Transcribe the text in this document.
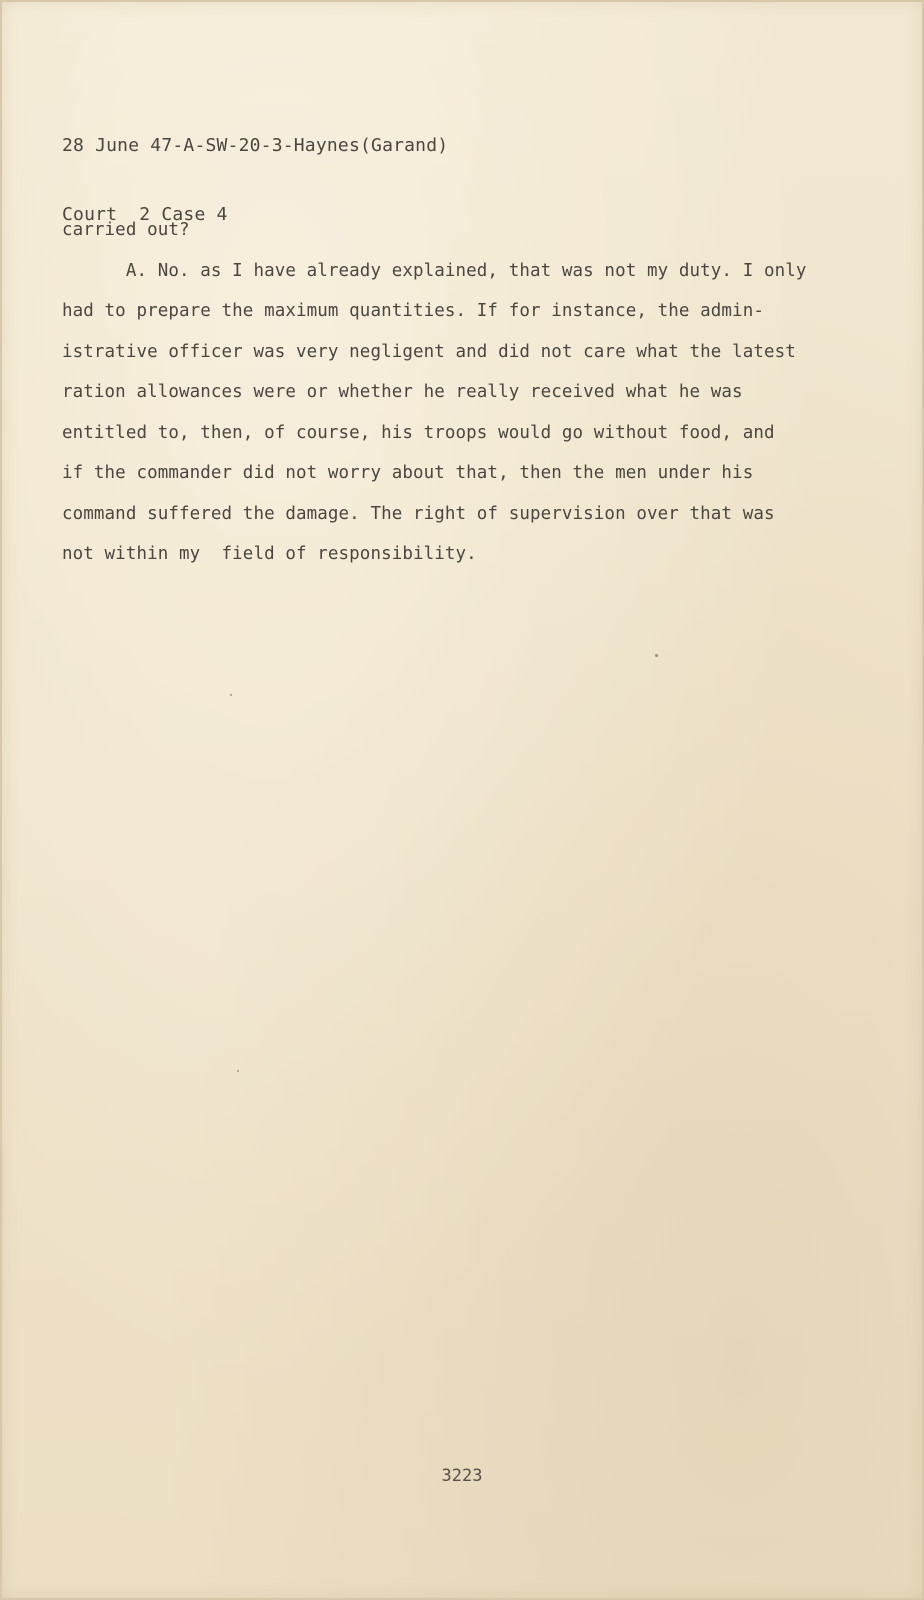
28 June 47-A-SW-20-3-Haynes(Garand)

Court  2 Case 4

carried out?
A. No. as I have already explained, that was not my duty. I only
had to prepare the maximum quantities. If for instance, the admin-
istrative officer was very negligent and did not care what the latest
ration allowances were or whether he really received what he was
entitled to, then, of course, his troops would go without food, and
if the commander did not worry about that, then the men under his
command suffered the damage. The right of supervision over that was
not within my  field of responsibility.
3223
